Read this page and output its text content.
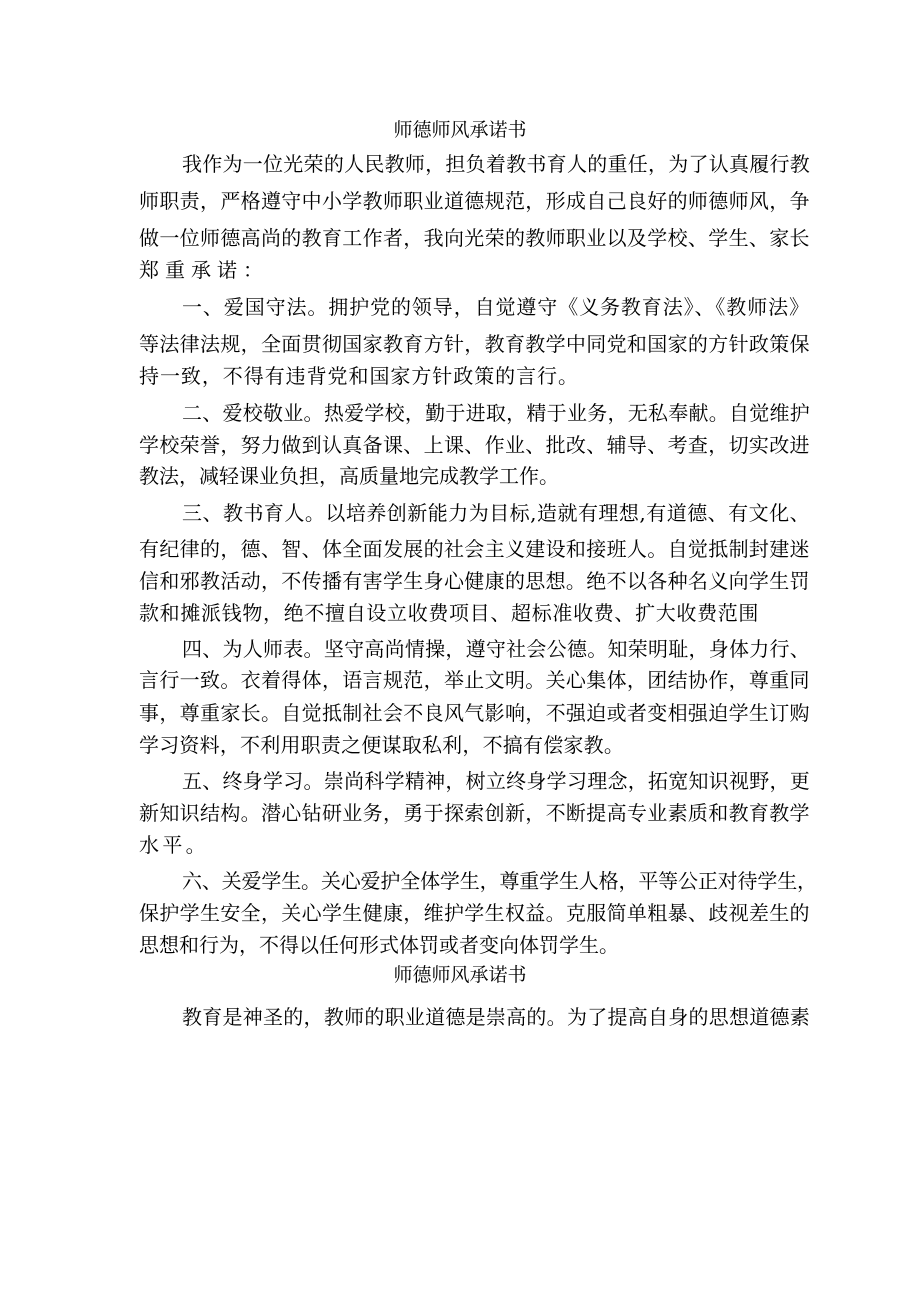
师德师风承诺书
我作为一位光荣的人民教师，担负着教书育人的重任，为了认真履行教
师职责，严格遵守中小学教师职业道德规范，形成自己良好的师德师风，争
做一位师德高尚的教育工作者，我向光荣的教师职业以及学校、学生、家长
郑重承诺：
一、爱国守法。拥护党的领导，自觉遵守《义务教育法》、《教师法》
等法律法规，全面贯彻国家教育方针，教育教学中同党和国家的方针政策保
持一致，不得有违背党和国家方针政策的言行。
二、爱校敬业。热爱学校，勤于进取，精于业务，无私奉献。自觉维护
学校荣誉，努力做到认真备课、上课、作业、批改、辅导、考查，切实改进
教法，减轻课业负担，高质量地完成教学工作。
三、教书育人。以培养创新能力为目标,造就有理想,有道德、有文化、
有纪律的，德、智、体全面发展的社会主义建设和接班人。自觉抵制封建迷
信和邪教活动，不传播有害学生身心健康的思想。绝不以各种名义向学生罚
款和摊派钱物，绝不擅自设立收费项目、超标准收费、扩大收费范围
四、为人师表。坚守高尚情操，遵守社会公德。知荣明耻，身体力行、
言行一致。衣着得体，语言规范，举止文明。关心集体，团结协作，尊重同
事，尊重家长。自觉抵制社会不良风气影响，不强迫或者变相强迫学生订购
学习资料，不利用职责之便谋取私利，不搞有偿家教。
五、终身学习。崇尚科学精神，树立终身学习理念，拓宽知识视野，更
新知识结构。潜心钻研业务，勇于探索创新，不断提高专业素质和教育教学
水平。
六、关爱学生。关心爱护全体学生，尊重学生人格，平等公正对待学生，
保护学生安全，关心学生健康，维护学生权益。克服简单粗暴、歧视差生的
思想和行为，不得以任何形式体罚或者变向体罚学生。
师德师风承诺书
教育是神圣的，教师的职业道德是崇高的。为了提高自身的思想道德素
